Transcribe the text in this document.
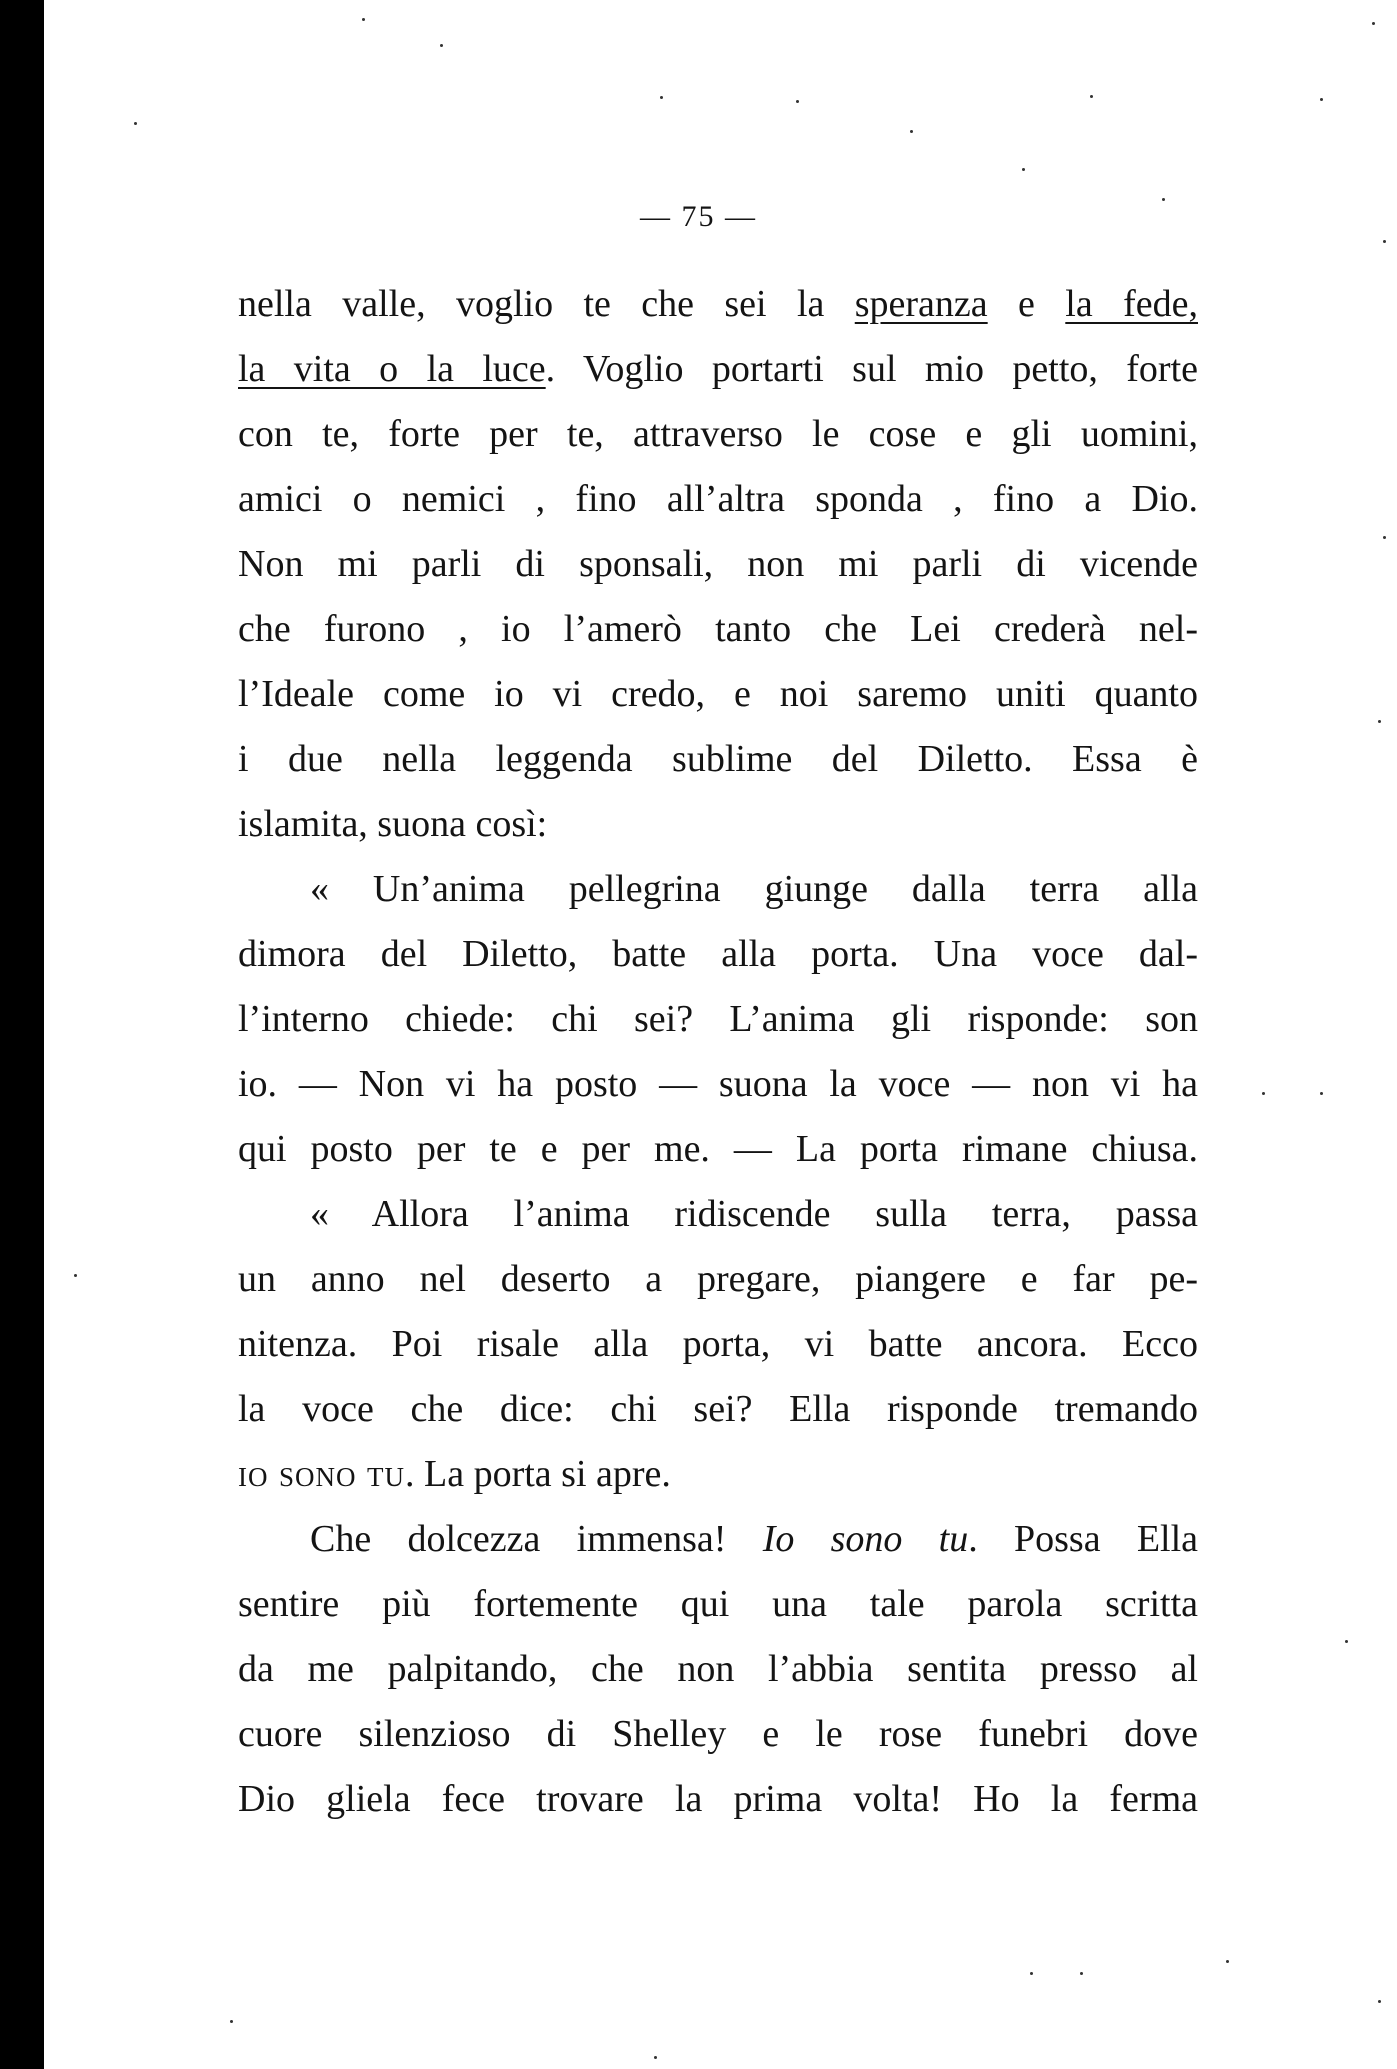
— 75 —
nella valle, voglio te che sei la speranza e la fede,
la vita o la luce. Voglio portarti sul mio petto, forte
con te, forte per te, attraverso le cose e gli uomini,
amici o nemici , fino all’altra sponda , fino a Dio.
Non mi parli di sponsali, non mi parli di vicende
che furono , io l’amerò tanto che Lei crederà nel-
l’Ideale come io vi credo, e noi saremo uniti quanto
i due nella leggenda sublime del Diletto. Essa è
islamita, suona così:
« Un’anima pellegrina giunge dalla terra alla
dimora del Diletto, batte alla porta. Una voce dal-
l’interno chiede: chi sei? L’anima gli risponde: son
io. — Non vi ha posto — suona la voce — non vi ha
qui posto per te e per me. — La porta rimane chiusa.
« Allora l’anima ridiscende sulla terra, passa
un anno nel deserto a pregare, piangere e far pe-
nitenza. Poi risale alla porta, vi batte ancora. Ecco
la voce che dice: chi sei? Ella risponde tremando
io sono tu. La porta si apre.
Che dolcezza immensa! Io sono tu. Possa Ella
sentire più fortemente qui una tale parola scritta
da me palpitando, che non l’abbia sentita presso al
cuore silenzioso di Shelley e le rose funebri dove
Dio gliela fece trovare la prima volta! Ho la ferma
